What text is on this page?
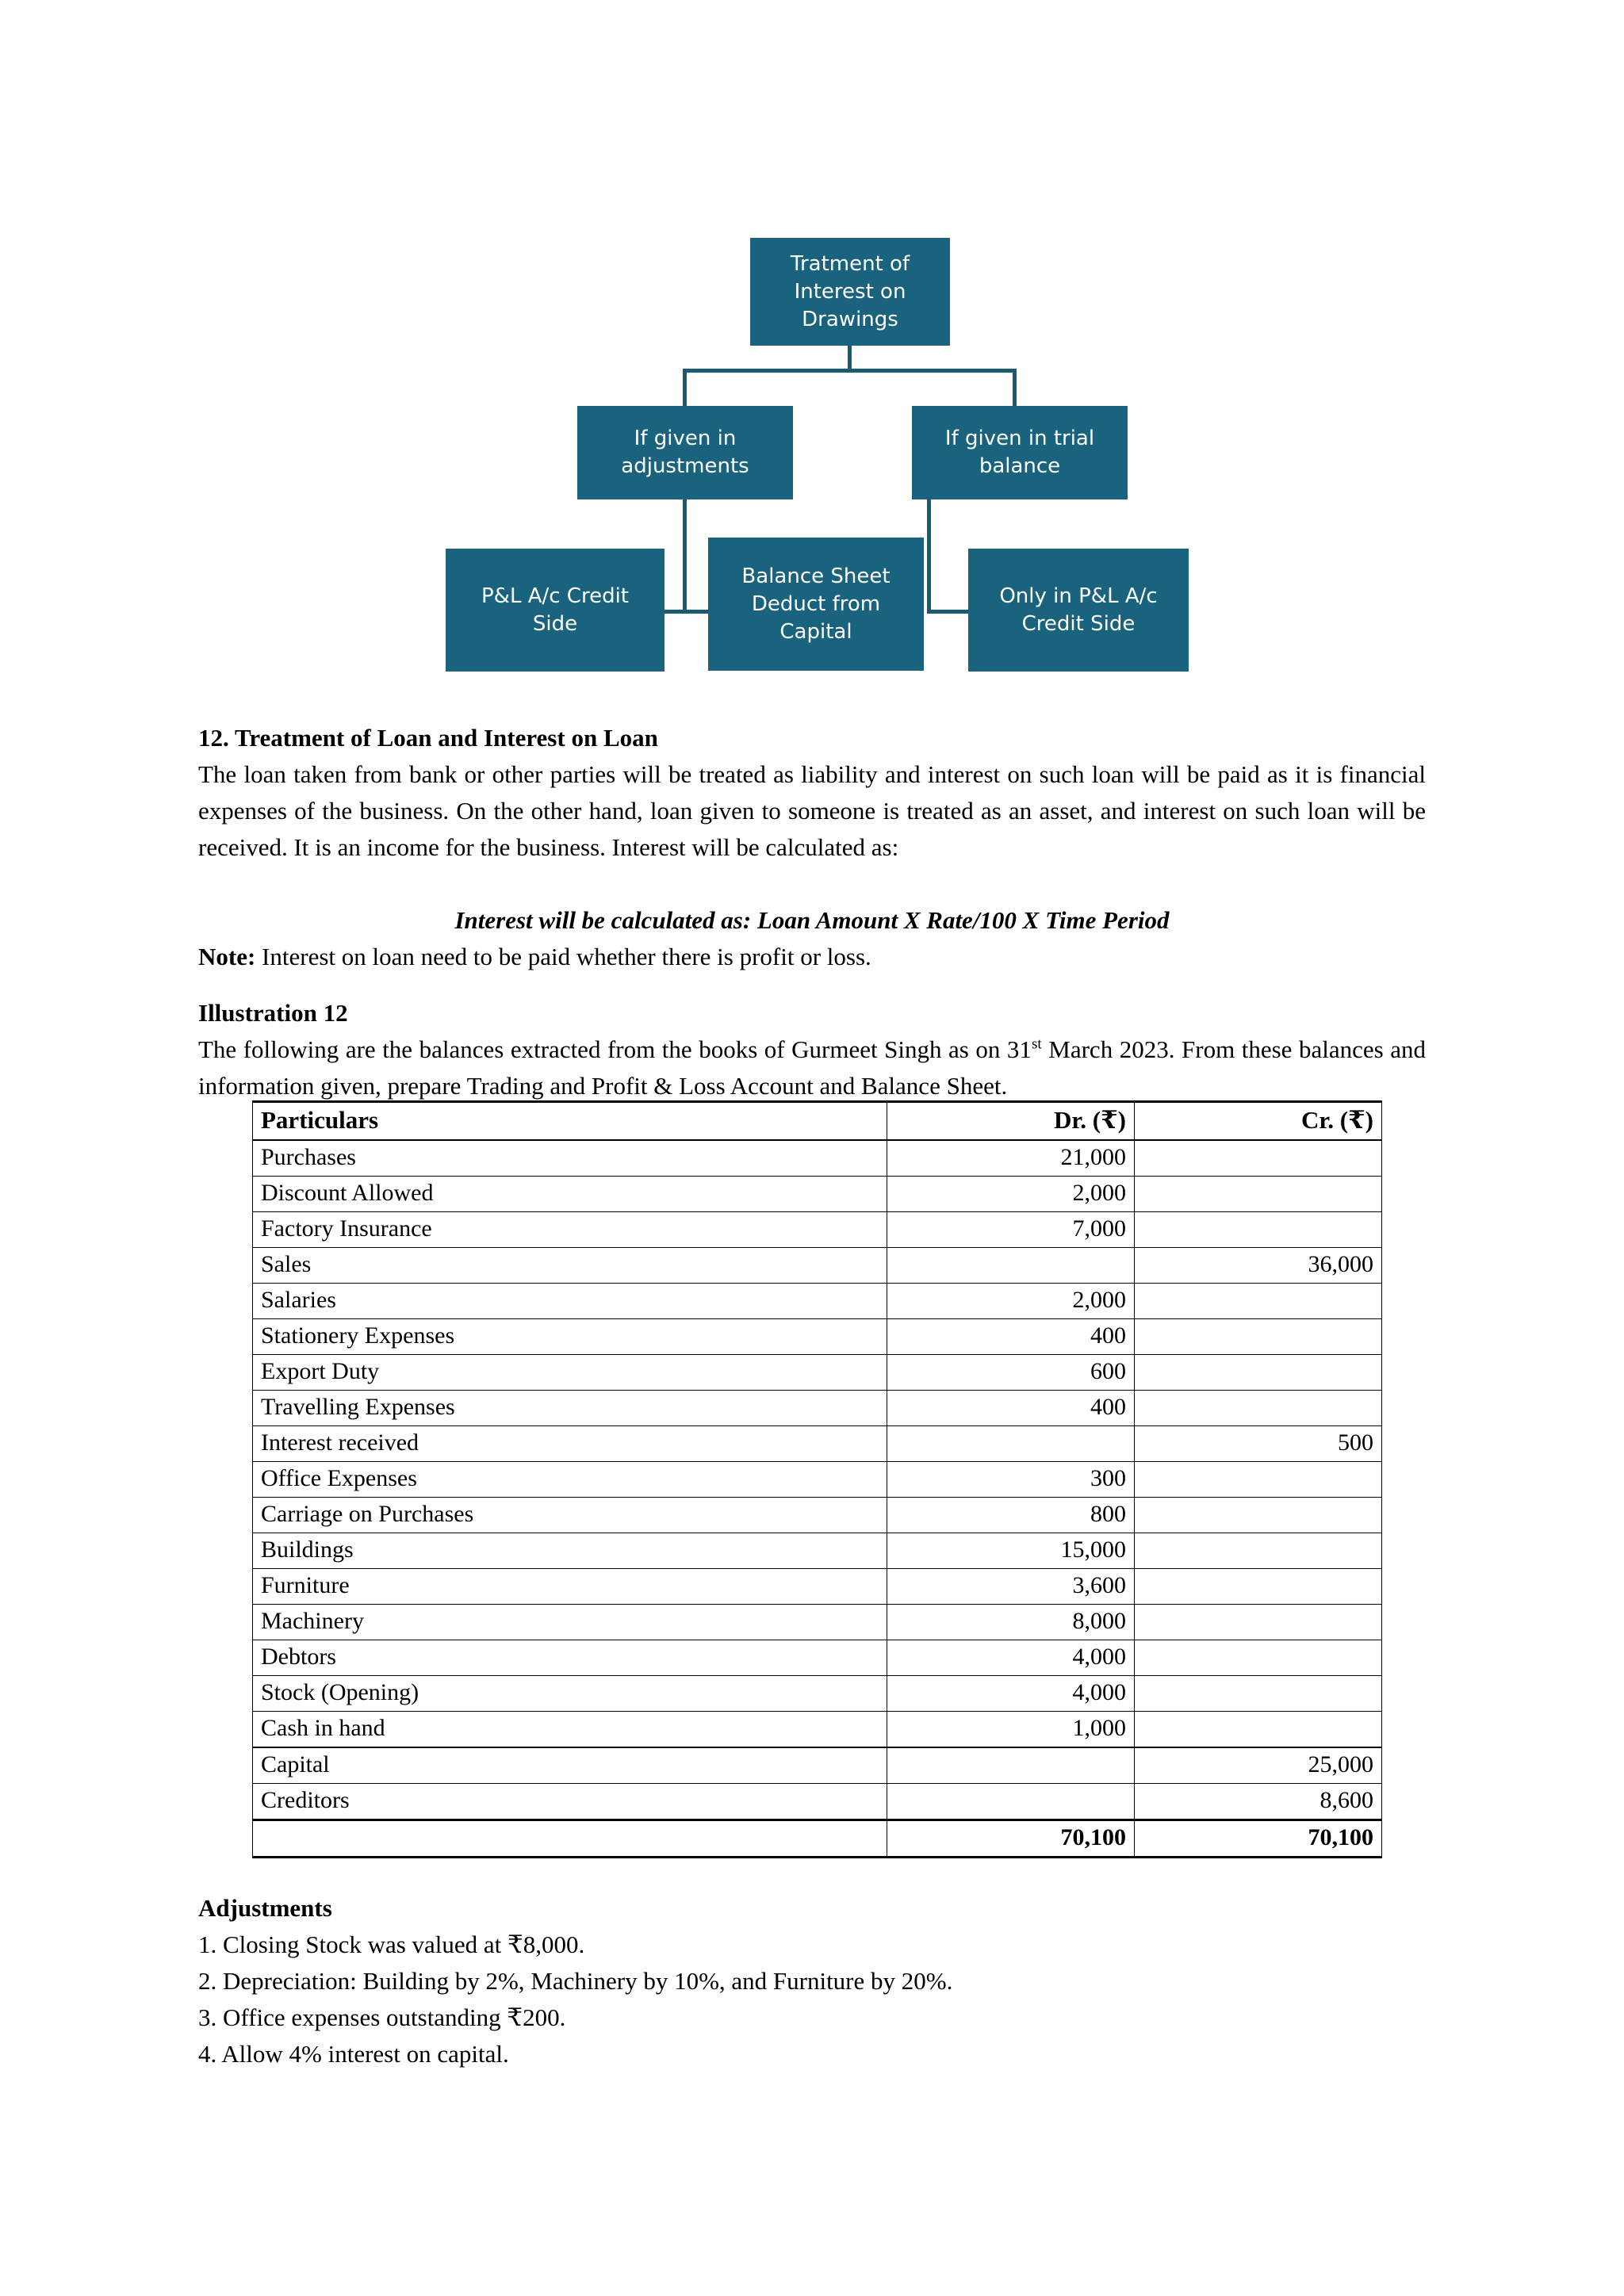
Tratment of
Interest on
Drawings
If given in
adjustments
If given in trial
balance
P&L A/c Credit
Side
Balance Sheet
Deduct from
Capital
Only in P&L A/c
Credit Side
12. Treatment of Loan and Interest on Loan
The loan taken from bank or other parties will be treated as liability and interest on such loan will be paid as it is financial expenses of the business. On the other hand, loan given to someone is treated as an asset, and interest on such loan will be received. It is an income for the business. Interest will be calculated as:
Interest will be calculated as: Loan Amount X Rate/100 X Time Period
Note: Interest on loan need to be paid whether there is profit or loss.
Illustration 12
The following are the balances extracted from the books of Gurmeet Singh as on 31st March 2023. From these balances and information given, prepare Trading and Profit & Loss Account and Balance Sheet.
Particulars	Dr. (₹)	Cr. (₹)
Purchases	21,000	
Discount Allowed	2,000	
Factory Insurance	7,000	
Sales		36,000
Salaries	2,000	
Stationery Expenses	400	
Export Duty	600	
Travelling Expenses	400	
Interest received		500
Office Expenses	300	
Carriage on Purchases	800	
Buildings	15,000	
Furniture	3,600	
Machinery	8,000	
Debtors	4,000	
Stock (Opening)	4,000	
Cash in hand	1,000	
Capital		25,000
Creditors		8,600
	70,100	70,100
Adjustments
1. Closing Stock was valued at ₹8,000.
2. Depreciation: Building by 2%, Machinery by 10%, and Furniture by 20%.
3. Office expenses outstanding ₹200.
4. Allow 4% interest on capital.
